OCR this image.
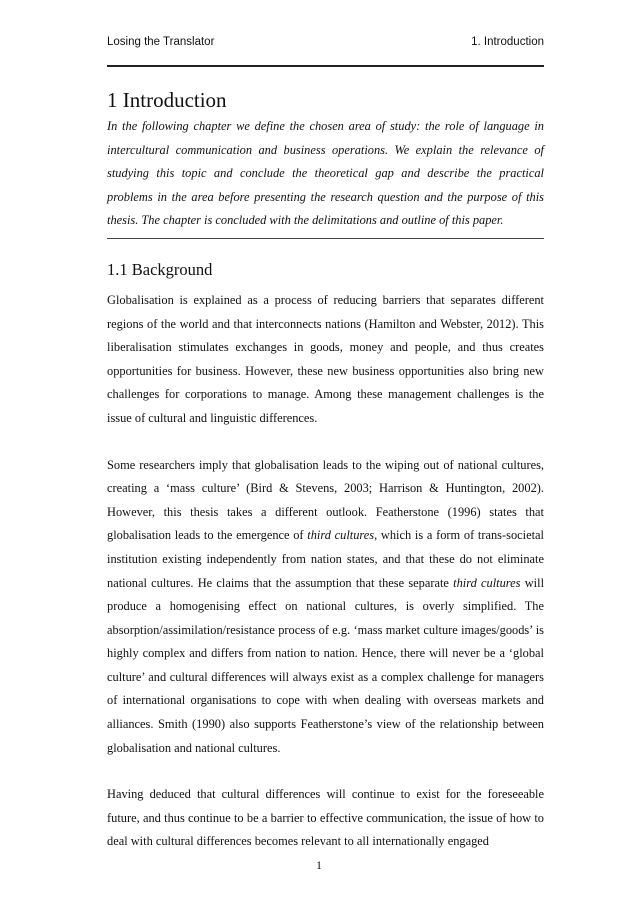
Losing the Translator	1. Introduction
1 Introduction

In the following chapter we define the chosen area of study: the role of language in intercultural communication and business operations. We explain the relevance of studying this topic and conclude the theoretical gap and describe the practical problems in the area before presenting the research question and the purpose of this thesis. The chapter is concluded with the delimitations and outline of this paper.

1.1 Background

Globalisation is explained as a process of reducing barriers that separates different regions of the world and that interconnects nations (Hamilton and Webster, 2012). This liberalisation stimulates exchanges in goods, money and people, and thus creates opportunities for business. However, these new business opportunities also bring new challenges for corporations to manage. Among these management challenges is the issue of cultural and linguistic differences.

Some researchers imply that globalisation leads to the wiping out of national cultures, creating a ‘mass culture’ (Bird & Stevens, 2003; Harrison & Huntington, 2002). However, this thesis takes a different outlook. Featherstone (1996) states that globalisation leads to the emergence of third cultures, which is a form of trans-societal institution existing independently from nation states, and that these do not eliminate national cultures. He claims that the assumption that these separate third cultures will produce a homogenising effect on national cultures, is overly simplified. The absorption/assimilation/resistance process of e.g. ‘mass market culture images/goods’ is highly complex and differs from nation to nation. Hence, there will never be a ‘global culture’ and cultural differences will always exist as a complex challenge for managers of international organisations to cope with when dealing with overseas markets and alliances. Smith (1990) also supports Featherstone’s view of the relationship between globalisation and national cultures.

Having deduced that cultural differences will continue to exist for the foreseeable future, and thus continue to be a barrier to effective communication, the issue of how to deal with cultural differences becomes relevant to all internationally engaged

1
